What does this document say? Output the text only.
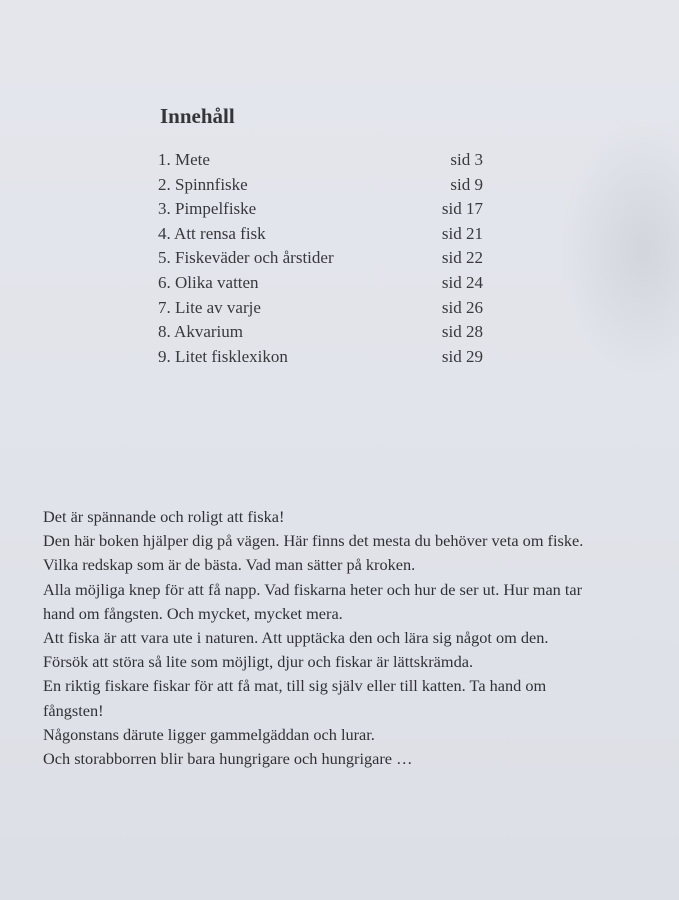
Innehåll
1. Mete	sid 3
2. Spinnfiske	sid 9
3. Pimpelfiske	sid 17
4. Att rensa fisk	sid 21
5. Fiskeväder och årstider	sid 22
6. Olika vatten	sid 24
7. Lite av varje	sid 26
8. Akvarium	sid 28
9. Litet fisklexikon	sid 29

Det är spännande och roligt att fiska!

Den här boken hjälper dig på vägen. Här finns det mesta du behöver veta om fiske.

Vilka redskap som är de bästa. Vad man sätter på kroken.

Alla möjliga knep för att få napp. Vad fiskarna heter och hur de ser ut. Hur man tar

hand om fångsten. Och mycket, mycket mera.

Att fiska är att vara ute i naturen. Att upptäcka den och lära sig något om den.

Försök att störa så lite som möjligt, djur och fiskar är lättskrämda.

En riktig fiskare fiskar för att få mat, till sig själv eller till katten. Ta hand om

fångsten!

Någonstans därute ligger gammelgäddan och lurar.

Och storabborren blir bara hungrigare och hungrigare …
